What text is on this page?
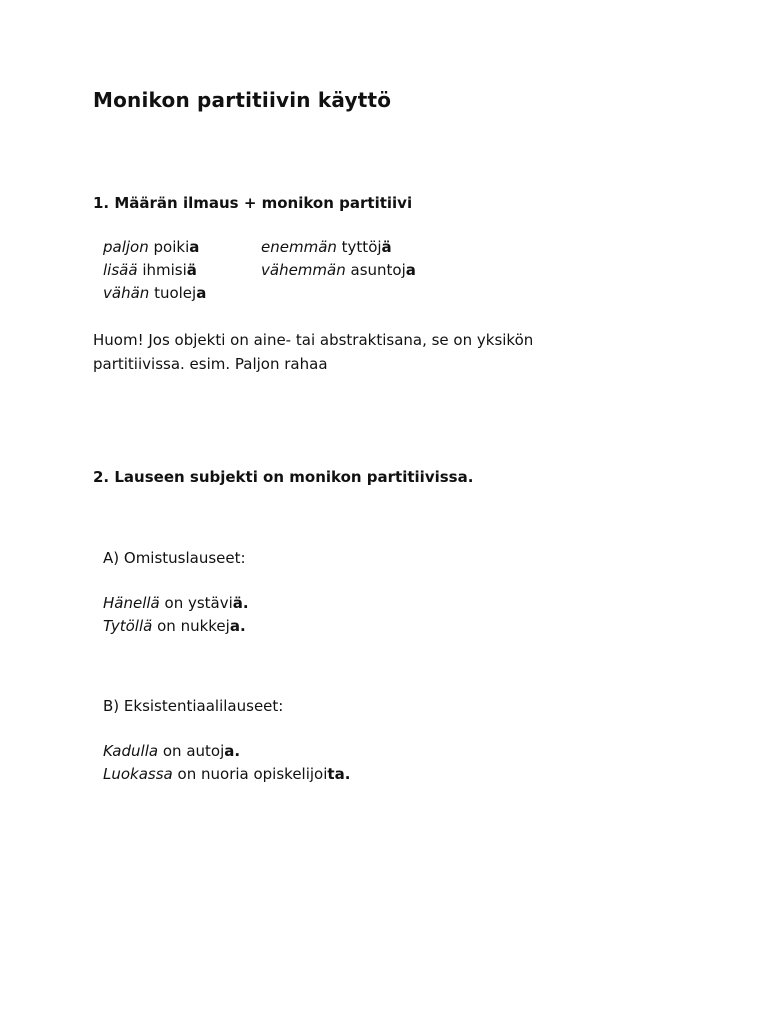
Monikon partitiivin käyttö
1. Määrän ilmaus + monikon partitiivi
paljon poikia
lisää ihmisiä
vähän tuoleja
enemmän tyttöjä
vähemmän asuntoja
Huom! Jos objekti on aine- tai abstraktisana, se on yksikön
partitiivissa. esim. Paljon rahaa
2. Lauseen subjekti on monikon partitiivissa.
A) Omistuslauseet:
Hänellä on ystäviä.
Tytöllä on nukkeja.
B) Eksistentiaalilauseet:
Kadulla on autoja.
Luokassa on nuoria opiskelijoita.
